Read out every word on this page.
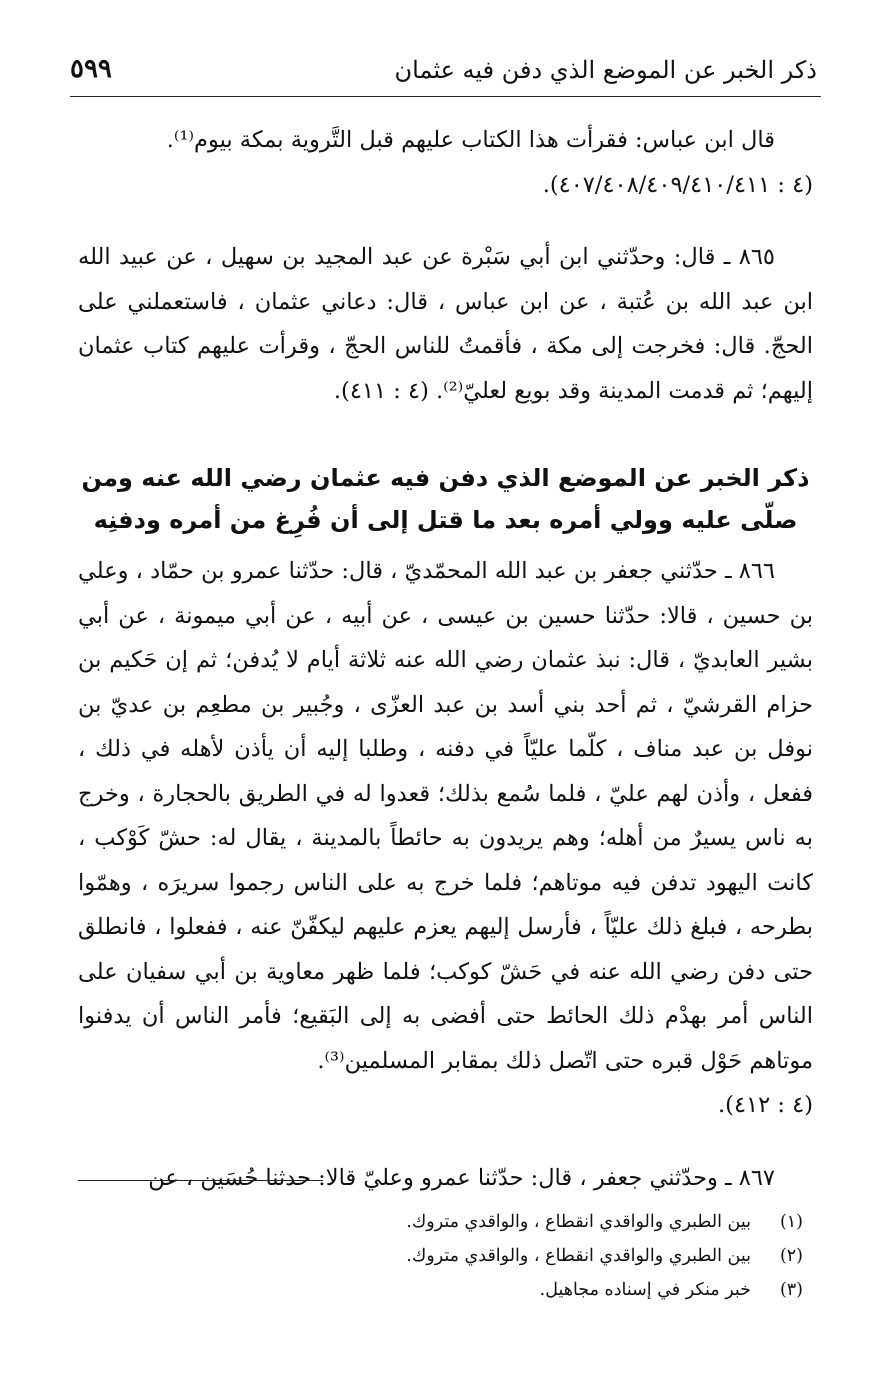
ذكر الخبر عن الموضع الذي دفن فيه عثمان
٥٩٩

قال ابن عباس: فقرأت هذا الكتاب عليهم قبل التَّروية بمكة بيوم⁽¹⁾.
(٤ : ٤٠٧/٤٠٨/٤٠٩/٤١٠/٤١١).

٨٦٥ ـ قال: وحدّثني ابن أبي سَبْرة عن عبد المجيد بن سهيل ، عن عبيد الله ابن عبد الله بن عُتبة ، عن ابن عباس ، قال: دعاني عثمان ، فاستعملني على الحجّ. قال: فخرجت إلى مكة ، فأقمتُ للناس الحجّ ، وقرأت عليهم كتاب عثمان إليهم؛ ثم قدمت المدينة وقد بويع لعليّ⁽²⁾. (٤ : ٤١١).

ذكر الخبر عن الموضع الذي دفن فيه عثمان رضي الله عنه ومن صلّى عليه وولي أمره بعد ما قتل إلى أن فُرِغ من أمره ودفنِه

٨٦٦ ـ حدّثني جعفر بن عبد الله المحمّديّ ، قال: حدّثنا عمرو بن حمّاد ، وعلي بن حسين ، قالا: حدّثنا حسين بن عيسى ، عن أبيه ، عن أبي ميمونة ، عن أبي بشير العابديّ ، قال: نبذ عثمان رضي الله عنه ثلاثة أيام لا يُدفن؛ ثم إن حَكيم بن حزام القرشيّ ، ثم أحد بني أسد بن عبد العزّى ، وجُبير بن مطعِم بن عديّ بن نوفل بن عبد مناف ، كلّما عليّاً في دفنه ، وطلبا إليه أن يأذن لأهله في ذلك ، ففعل ، وأذن لهم عليّ ، فلما سُمع بذلك؛ قعدوا له في الطريق بالحجارة ، وخرج به ناس يسيرٌ من أهله؛ وهم يريدون به حائطاً بالمدينة ، يقال له: حشّ كَوْكب ، كانت اليهود تدفن فيه موتاهم؛ فلما خرج به على الناس رجموا سريرَه ، وهمّوا بطرحه ، فبلغ ذلك عليّاً ، فأرسل إليهم يعزم عليهم ليكفّنّ عنه ، ففعلوا ، فانطلق حتى دفن رضي الله عنه في حَشّ كوكب؛ فلما ظهر معاوية بن أبي سفيان على الناس أمر بهدْم ذلك الحائط حتى أفضى به إلى البَقيع؛ فأمر الناس أن يدفنوا موتاهم حَوْل قبره حتى اتّصل ذلك بمقابر المسلمين⁽³⁾.
(٤ : ٤١٢).

٨٦٧ ـ وحدّثني جعفر ، قال: حدّثنا عمرو وعليّ قالا: حدثنا حُسَين ، عن

(١)
بين الطبري والواقدي انقطاع ، والواقدي متروك.
(٢)
بين الطبري والواقدي انقطاع ، والواقدي متروك.
(٣)
خبر منكر في إسناده مجاهيل.
